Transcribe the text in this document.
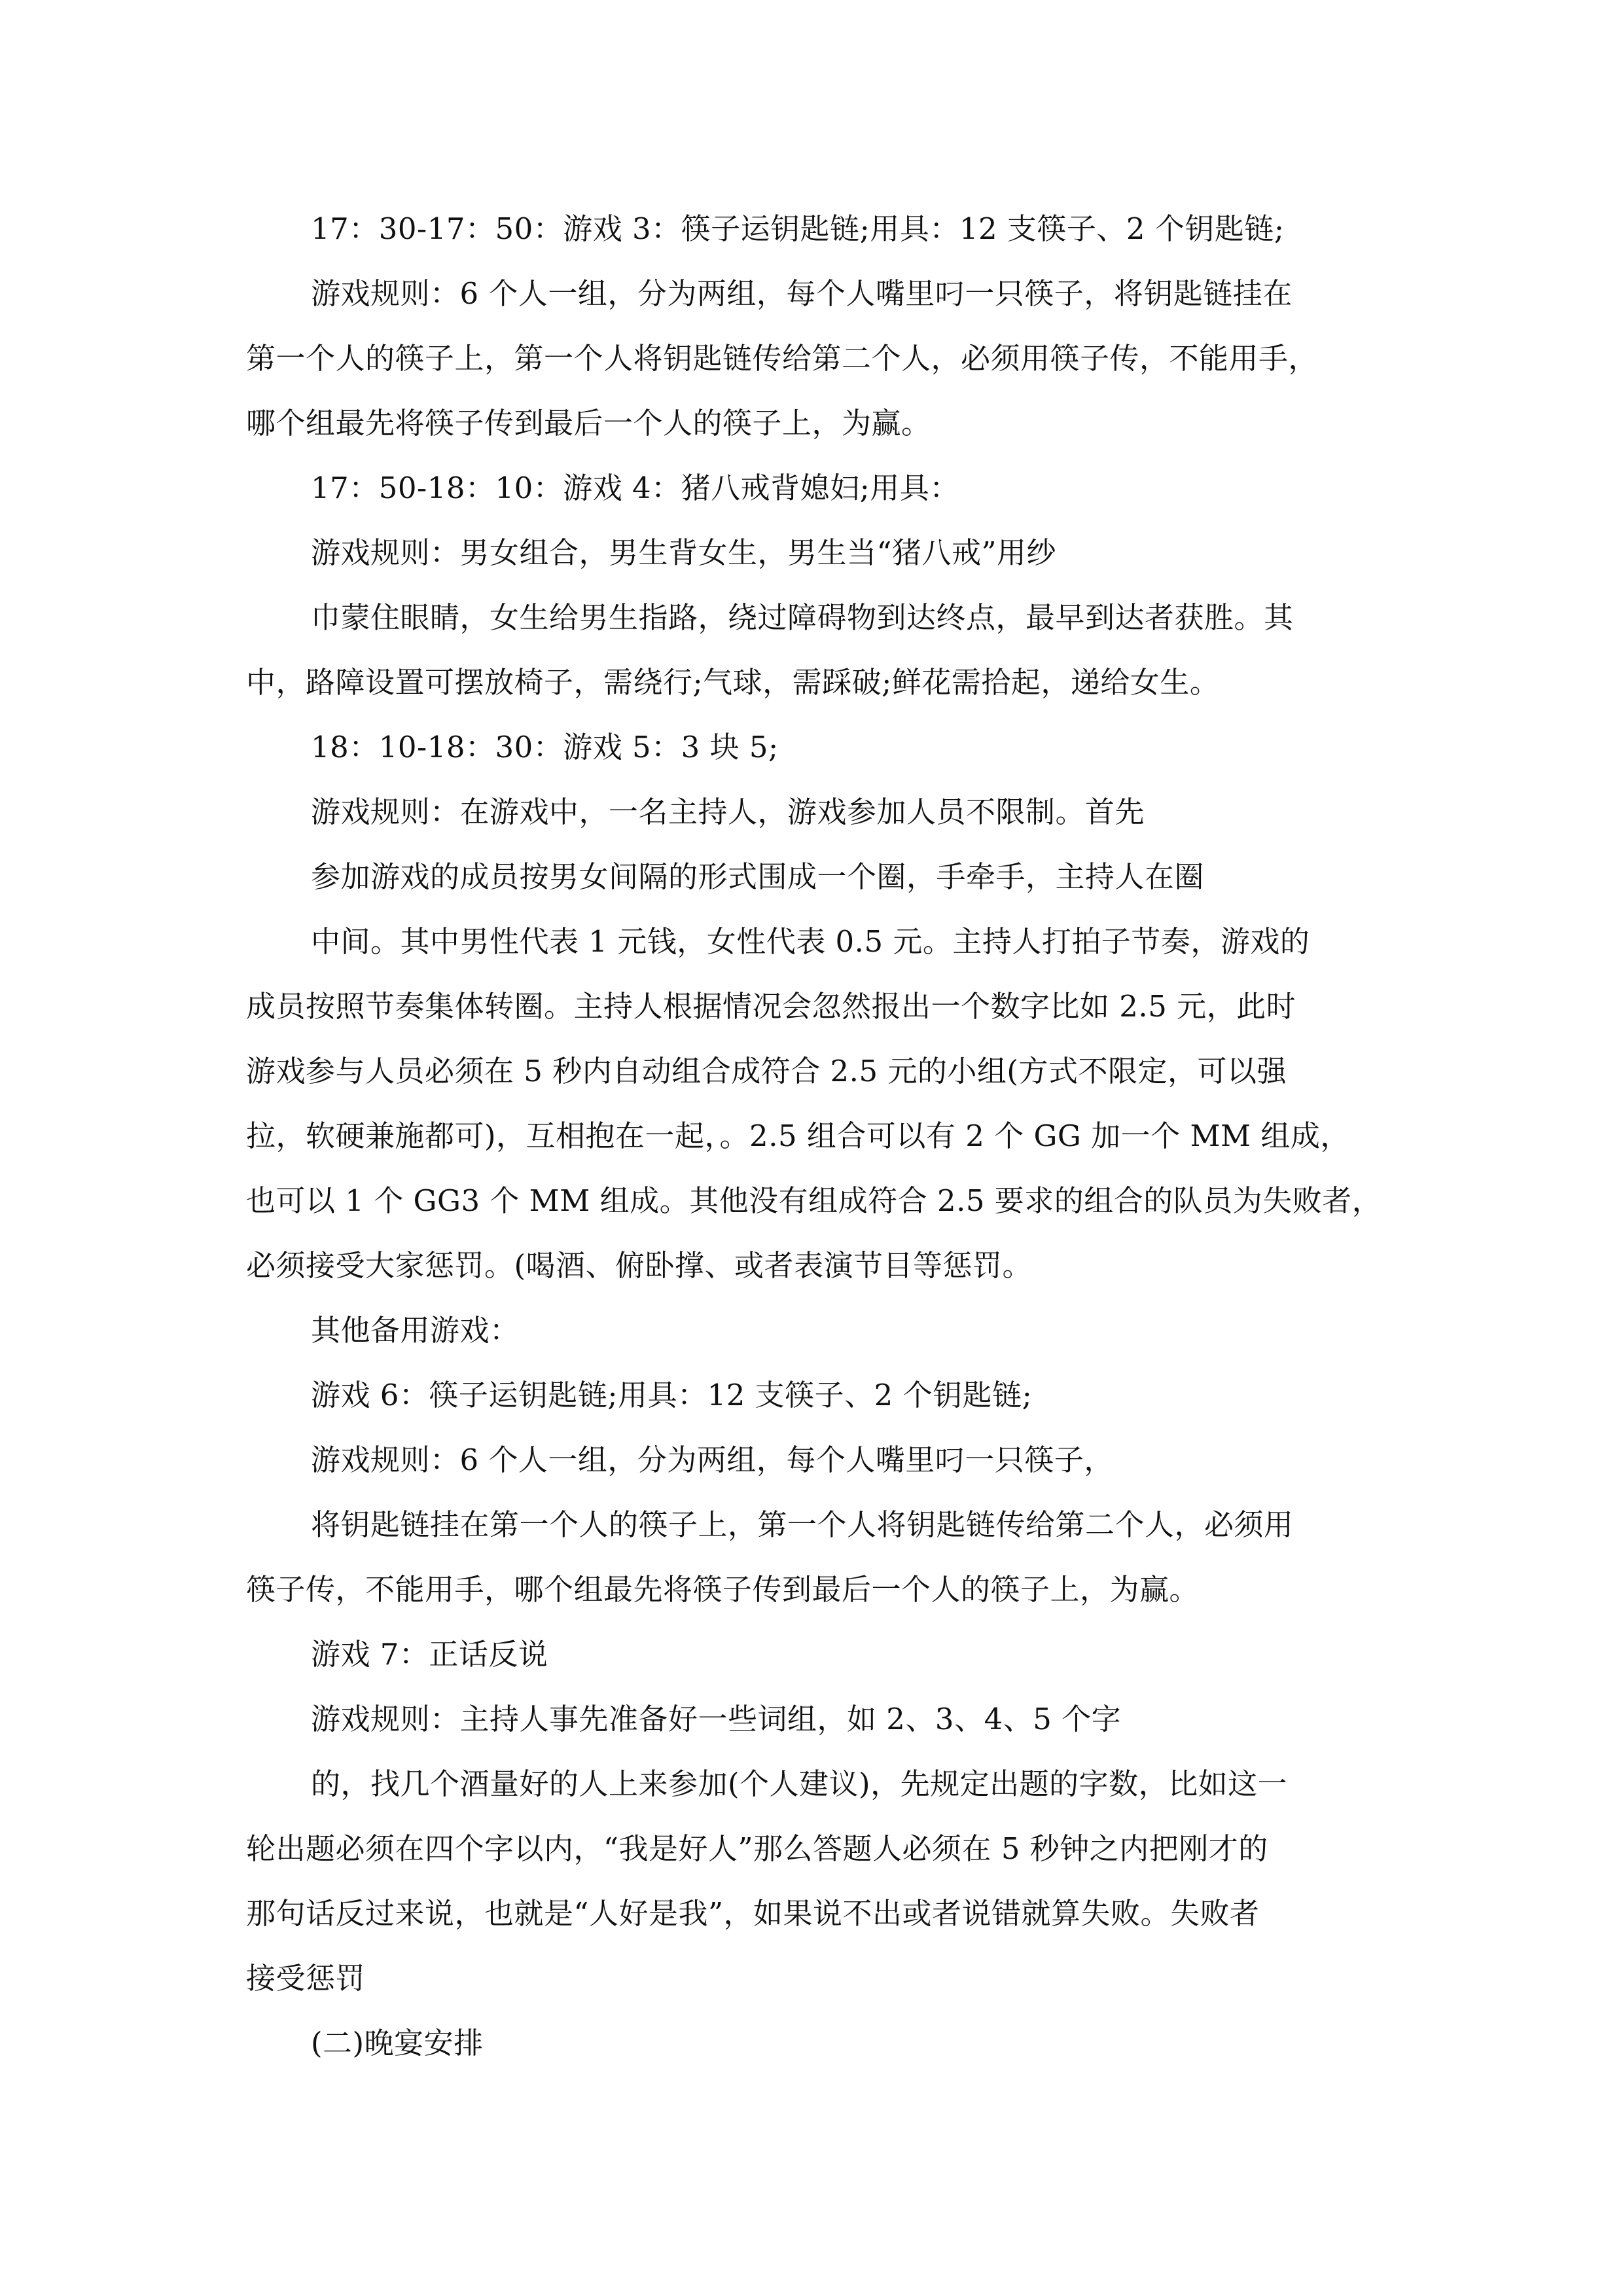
17：30-17：50：游戏 3：筷子运钥匙链;用具：12 支筷子、2 个钥匙链;
游戏规则：6 个人一组，分为两组，每个人嘴里叼一只筷子，将钥匙链挂在
第一个人的筷子上，第一个人将钥匙链传给第二个人，必须用筷子传，不能用手，
哪个组最先将筷子传到最后一个人的筷子上，为赢。
17：50-18：10：游戏 4：猪八戒背媳妇;用具：
游戏规则：男女组合，男生背女生，男生当“猪八戒”用纱
巾蒙住眼睛，女生给男生指路，绕过障碍物到达终点，最早到达者获胜。其
中，路障设置可摆放椅子，需绕行;气球，需踩破;鲜花需拾起，递给女生。
18：10-18：30：游戏 5：3 块 5;
游戏规则：在游戏中，一名主持人，游戏参加人员不限制。首先
参加游戏的成员按男女间隔的形式围成一个圈，手牵手，主持人在圈
中间。其中男性代表 1 元钱，女性代表 0.5 元。主持人打拍子节奏，游戏的
成员按照节奏集体转圈。主持人根据情况会忽然报出一个数字比如 2.5 元，此时
游戏参与人员必须在 5 秒内自动组合成符合 2.5 元的小组(方式不限定，可以强
拉，软硬兼施都可)，互相抱在一起，。2.5 组合可以有 2 个 GG 加一个 MM 组成，
也可以 1 个 GG3 个 MM 组成。其他没有组成符合 2.5 要求的组合的队员为失败者，
必须接受大家惩罚。(喝酒、俯卧撑、或者表演节目等惩罚。
其他备用游戏：
游戏 6：筷子运钥匙链;用具：12 支筷子、2 个钥匙链;
游戏规则：6 个人一组，分为两组，每个人嘴里叼一只筷子，
将钥匙链挂在第一个人的筷子上，第一个人将钥匙链传给第二个人，必须用
筷子传，不能用手，哪个组最先将筷子传到最后一个人的筷子上，为赢。
游戏 7：正话反说
游戏规则：主持人事先准备好一些词组，如 2、3、4、5 个字
的，找几个酒量好的人上来参加(个人建议)，先规定出题的字数，比如这一
轮出题必须在四个字以内，“我是好人”那么答题人必须在 5 秒钟之内把刚才的
那句话反过来说，也就是“人好是我”，如果说不出或者说错就算失败。失败者
接受惩罚
(二)晚宴安排
